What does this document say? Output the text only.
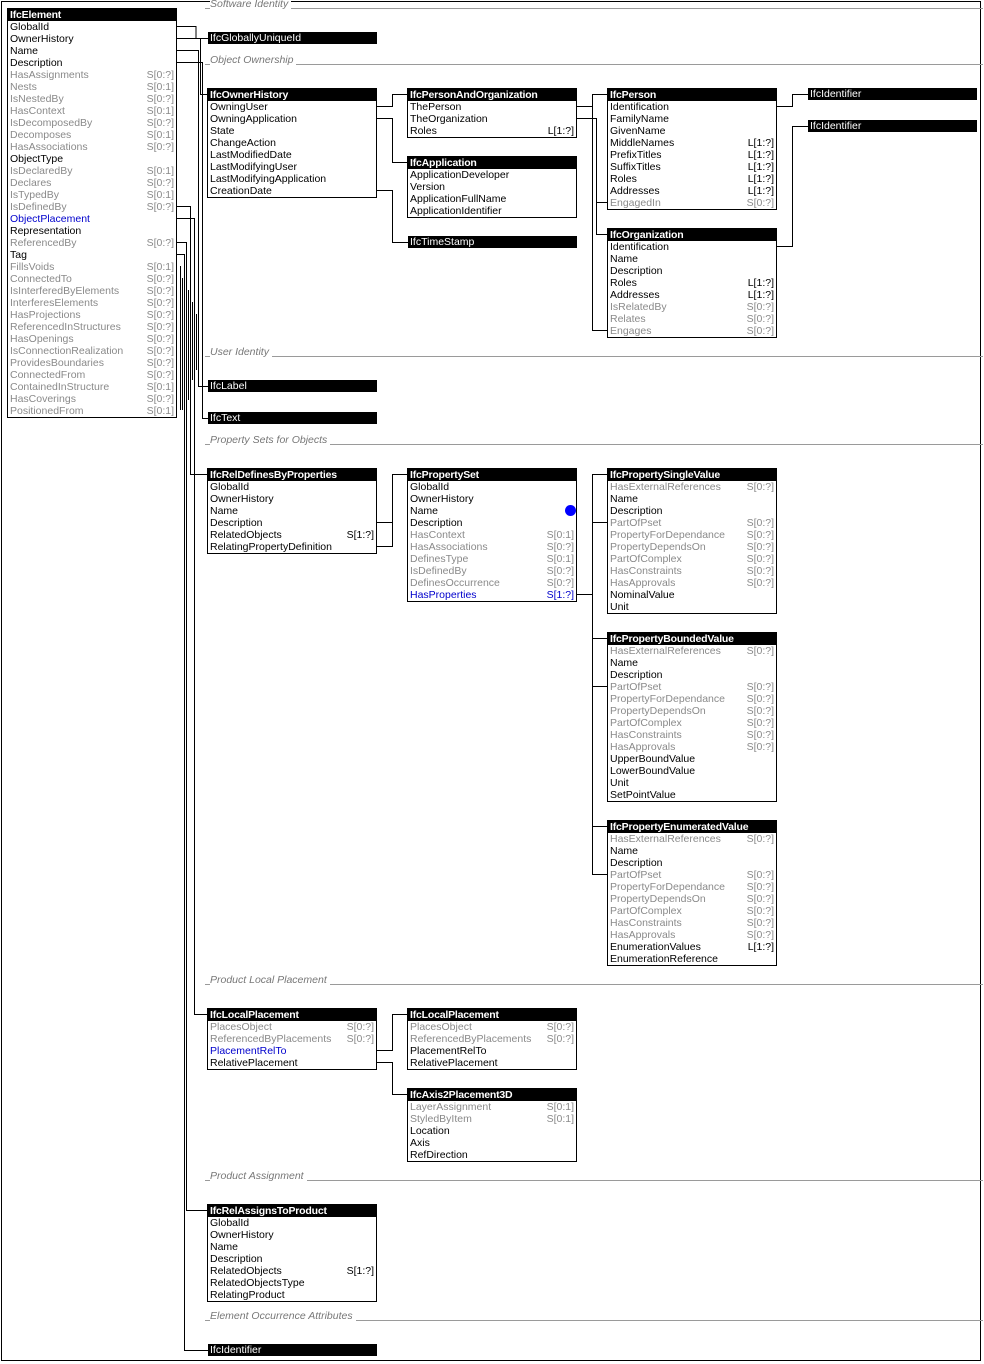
Software Identity
Object Ownership
User Identity
Property Sets for Objects
Product Local Placement
Product Assignment
Element Occurrence Attributes
IfcGloballyUniqueId
IfcIdentifier
IfcIdentifier
IfcTimeStamp
IfcLabel
IfcText
IfcIdentifier
IfcElement
GlobalId
OwnerHistory
Name
Description
HasAssignments	S[0:?]
Nests	S[0:1]
IsNestedBy	S[0:?]
HasContext	S[0:1]
IsDecomposedBy	S[0:?]
Decomposes	S[0:1]
HasAssociations	S[0:?]
ObjectType
IsDeclaredBy	S[0:1]
Declares	S[0:?]
IsTypedBy	S[0:1]
IsDefinedBy	S[0:?]
ObjectPlacement
Representation
ReferencedBy	S[0:?]
Tag
FillsVoids	S[0:1]
ConnectedTo	S[0:?]
IsInterferedByElements	S[0:?]
InterferesElements	S[0:?]
HasProjections	S[0:?]
ReferencedInStructures S[0:?]
HasOpenings	S[0:?]
IsConnectionRealization S[0:?]
ProvidesBoundaries	S[0:?]
ConnectedFrom	S[0:?]
ContainedInStructure	S[0:1]
HasCoverings	S[0:?]
PositionedFrom	S[0:1]
IfcOwnerHistory
OwningUser
OwningApplication
State
ChangeAction
LastModifiedDate
LastModifyingUser
LastModifyingApplication
CreationDate
IfcPersonAndOrganization
ThePerson
TheOrganization
Roles	L[1:?]
IfcApplication
ApplicationDeveloper
Version
ApplicationFullName
ApplicationIdentifier
IfcPerson
Identification
FamilyName
GivenName
MiddleNames	L[1:?]
PrefixTitles	L[1:?]
SuffixTitles	L[1:?]
Roles	L[1:?]
Addresses	L[1:?]
EngagedIn	S[0:?]
IfcOrganization
Identification
Name
Description
Roles	L[1:?]
Addresses	L[1:?]
IsRelatedBy	S[0:?]
Relates	S[0:?]
Engages	S[0:?]
IfcRelDefinesByProperties
GlobalId
OwnerHistory
Name
Description
RelatedObjects	S[1:?]
RelatingPropertyDefinition
IfcPropertySet
GlobalId
OwnerHistory
Name
Description
HasContext	S[0:1]
HasAssociations	S[0:?]
DefinesType	S[0:1]
IsDefinedBy	S[0:?]
DefinesOccurrence	S[0:?]
HasProperties	S[1:?]
IfcPropertySingleValue
HasExternalReferences S[0:?]
Name
Description
PartOfPset	S[0:?]
PropertyForDependance S[0:?]
PropertyDependsOn	S[0:?]
PartOfComplex	S[0:?]
HasConstraints	S[0:?]
HasApprovals	S[0:?]
NominalValue
Unit
IfcPropertyBoundedValue
HasExternalReferences S[0:?]
Name
Description
PartOfPset	S[0:?]
PropertyForDependance S[0:?]
PropertyDependsOn	S[0:?]
PartOfComplex	S[0:?]
HasConstraints	S[0:?]
HasApprovals	S[0:?]
UpperBoundValue
LowerBoundValue
Unit
SetPointValue
IfcPropertyEnumeratedValue
HasExternalReferences S[0:?]
Name
Description
PartOfPset	S[0:?]
PropertyForDependance S[0:?]
PropertyDependsOn	S[0:?]
PartOfComplex	S[0:?]
HasConstraints	S[0:?]
HasApprovals	S[0:?]
EnumerationValues	L[1:?]
EnumerationReference
IfcLocalPlacement
PlacesObject	S[0:?]
ReferencedByPlacements S[0:?]
PlacementRelTo
RelativePlacement
IfcLocalPlacement
PlacesObject	S[0:?]
ReferencedByPlacements S[0:?]
PlacementRelTo
RelativePlacement
IfcAxis2Placement3D
LayerAssignment	S[0:1]
StyledByItem	S[0:1]
Location
Axis
RefDirection
IfcRelAssignsToProduct
GlobalId
OwnerHistory
Name
Description
RelatedObjects	S[1:?]
RelatedObjectsType
RelatingProduct
